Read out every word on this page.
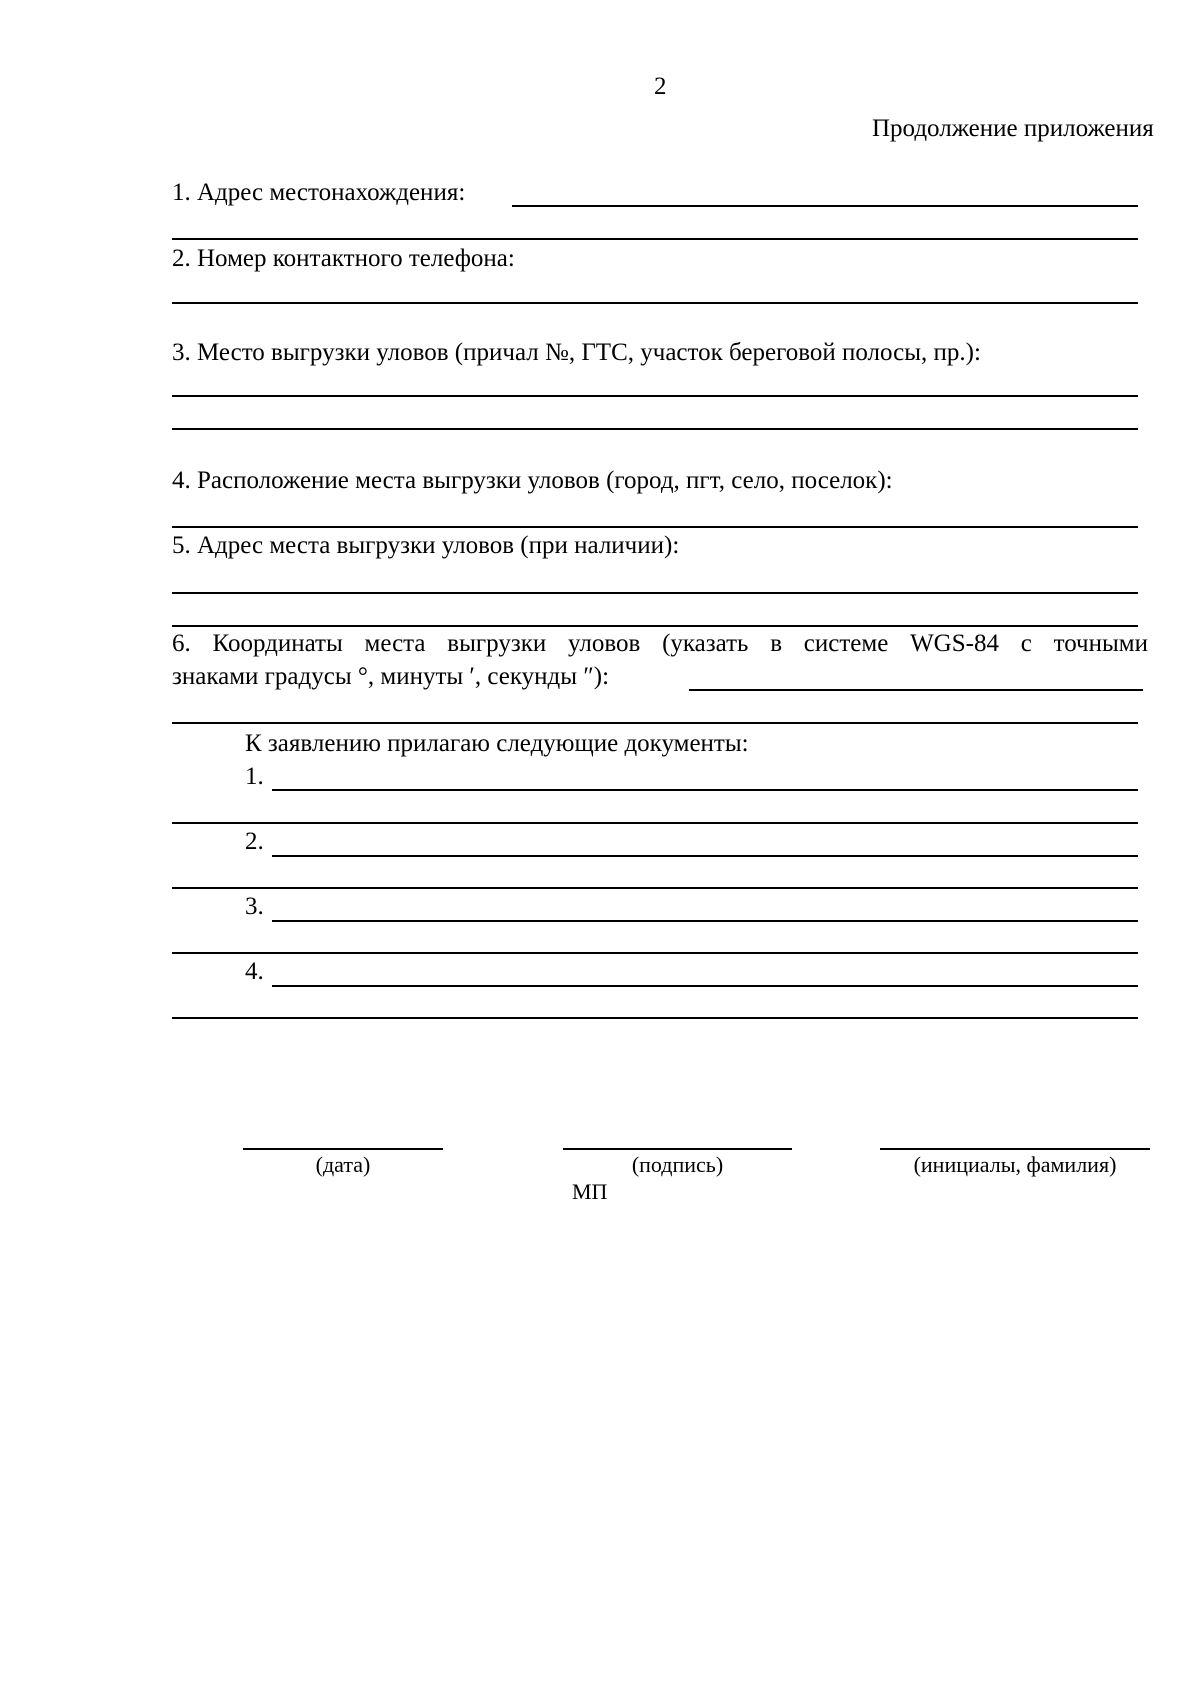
2
Продолжение приложения
1. Адрес местонахождения:
2. Номер контактного телефона:
3. Место выгрузки уловов (причал №, ГТС, участок береговой полосы, пр.):
4. Расположение места выгрузки уловов (город, пгт, село, поселок):
5. Адрес места выгрузки уловов (при наличии):
6. Координаты места выгрузки уловов (указать в системе WGS-84 с точными
знаками градусы °, минуты ′, секунды ″):
К заявлению прилагаю следующие документы:
1.
2.
3.
4.
(дата)	(подпись)	(инициалы, фамилия)
МП
